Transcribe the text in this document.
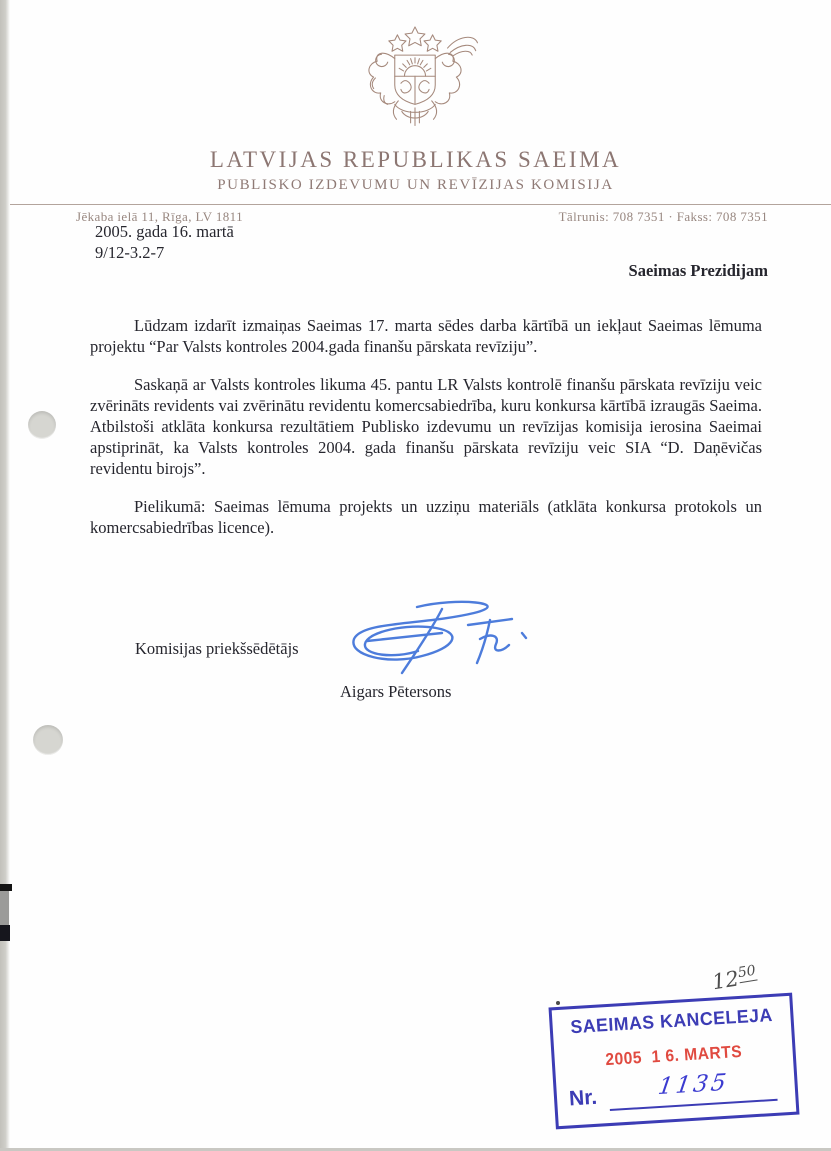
LATVIJAS REPUBLIKAS SAEIMA
PUBLISKO IZDEVUMU UN REVĪZIJAS KOMISIJA
Jēkaba ielā 11, Rīga, LV 1811	Tālrunis: 708 7351 · Fakss: 708 7351
2005. gada 16. martā
9/12-3.2-7
Saeimas Prezidijam

Lūdzam izdarīt izmaiņas Saeimas 17. marta sēdes darba kārtībā un iekļaut Saeimas lēmuma projektu “Par Valsts kontroles 2004.gada finanšu pārskata revīziju”.

Saskaņā ar Valsts kontroles likuma 45. pantu LR Valsts kontrolē finanšu pārskata revīziju veic zvērināts revidents vai zvērinātu revidentu komercsabiedrība, kuru konkursa kārtībā izraugās Saeima. Atbilstoši atklāta konkursa rezultātiem Publisko izdevumu un revīzijas komisija ierosina Saeimai apstiprināt, ka Valsts kontroles 2004. gada finanšu pārskata revīziju veic SIA “D. Daņēvičas revidentu birojs”.

Pielikumā: Saeimas lēmuma projekts un uzziņu materiāls (atklāta konkursa protokols un komercsabiedrības licence).

Komisijas priekšsēdētājs
Aigars Pētersons
$12^{50}$
SAEIMAS KANCELEJA
2005  1 6. MARTS
Nr.	1135
